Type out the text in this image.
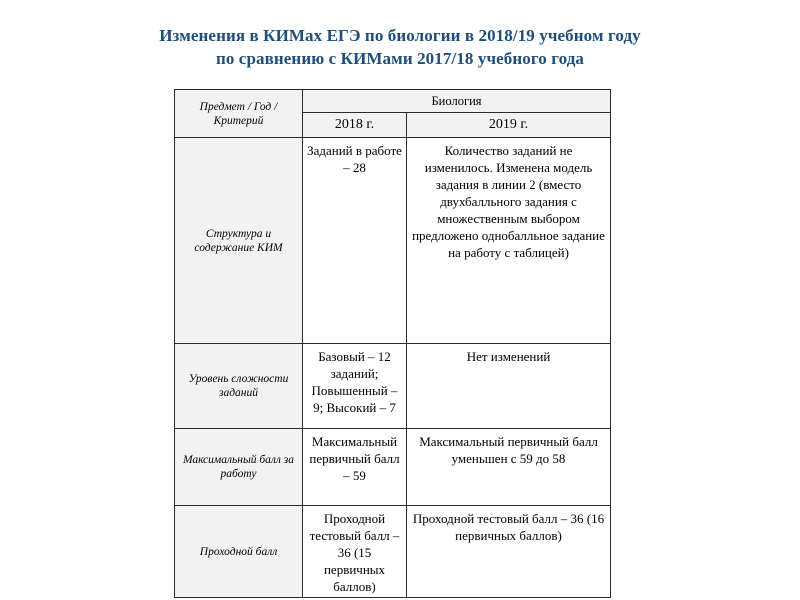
Изменения в КИМах ЕГЭ по биологии в 2018/19 учебном году
по сравнению с КИМами 2017/18 учебного года
Предмет / Год / Критерий	Биология	
	2018 г.	2019 г.
Структура и содержание КИМ	Заданий в работе – 28	Количество заданий не изменилось. Изменена модель задания в линии 2 (вместо двухбалльного задания с множественным выбором предложено однобалльное задание на работу с таблицей)
Уровень сложности заданий	Базовый – 12 заданий; Повышенный – 9; Высокий – 7	Нет изменений
Максимальный балл за работу	Максимальный первичный балл – 59	Максимальный первичный балл уменьшен с 59 до 58
Проходной балл	Проходной тестовый балл – 36 (15 первичных баллов)	Проходной тестовый балл – 36 (16 первичных баллов)
